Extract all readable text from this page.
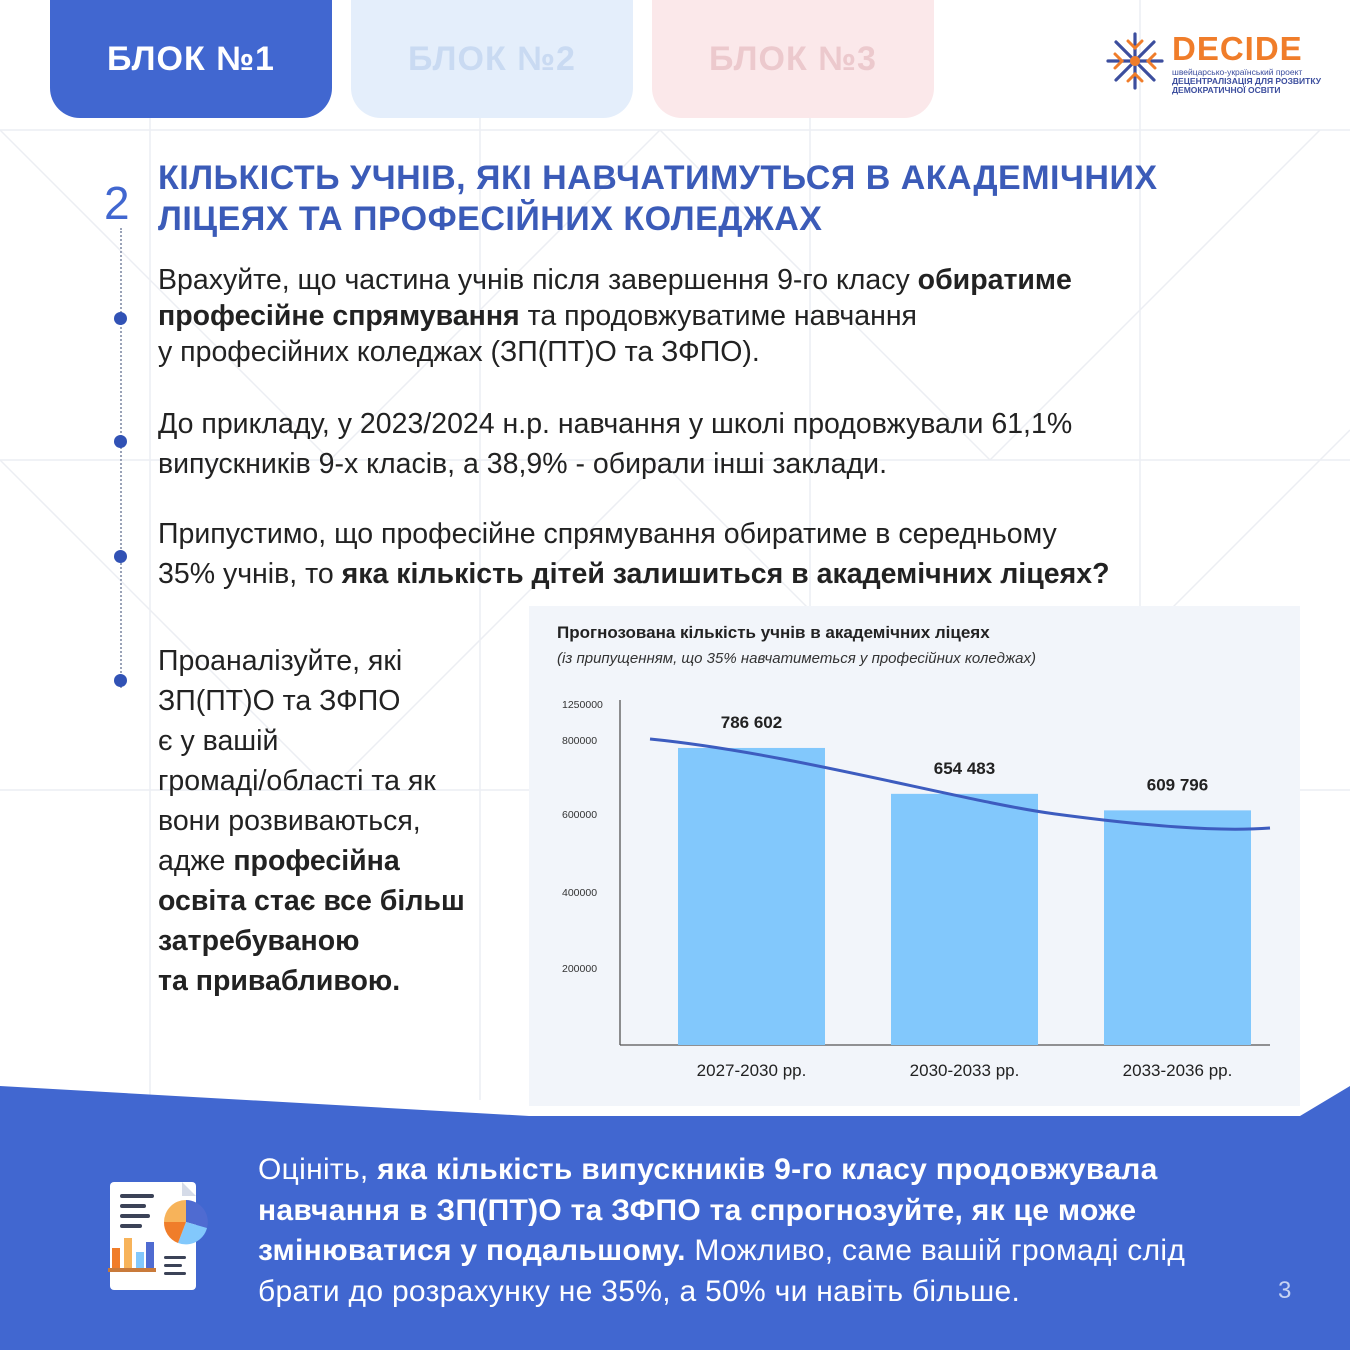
БЛОК №1	БЛОК №2	БЛОК №3	DECIDE
швейцарсько-український проект
ДЕЦЕНТРАЛІЗАЦІЯ ДЛЯ РОЗВИТКУ
ДЕМОКРАТИЧНОЇ ОСВІТИ
2 КІЛЬКІСТЬ УЧНІВ, ЯКІ НАВЧАТИМУТЬСЯ В АКАДЕМІЧНИХ
ЛІЦЕЯХ ТА ПРОФЕСІЙНИХ КОЛЕДЖАХ
Врахуйте, що частина учнів після завершення 9-го класу обиратиме
професійне спрямування та продовжуватиме навчання
у професійних коледжах (ЗП(ПТ)О та ЗФПО).
До прикладу, у 2023/2024 н.р. навчання у школі продовжували 61,1%
випускників 9-х класів, а 38,9% - обирали інші заклади.
Припустимо, що професійне спрямування обиратиме в середньому
35% учнів, то яка кількість дітей залишиться в академічних ліцеях?
Проаналізуйте, які
ЗП(ПТ)О та ЗФПО
є у вашій
громаді/області та як
вони розвиваються,
адже професійна
освіта стає все більш
затребуваною
та привабливою.
Прогнозована кількість учнів в академічних ліцеях
(із припущенням, що 35% навчатиметься у професійних коледжах)
200000
400000
600000
800000
1250000
786 602
2027-2030 рр.
654 483
2030-2033 рр.
609 796
2033-2036 рр.
Оцініть, яка кількість випускників 9-го класу продовжувала навчання в ЗП(ПТ)О та ЗФПО та спрогнозуйте, як це може змінюватися у подальшому. Можливо, саме вашій громаді слід брати до розрахунку не 35%, а 50% чи навіть більше.	3
